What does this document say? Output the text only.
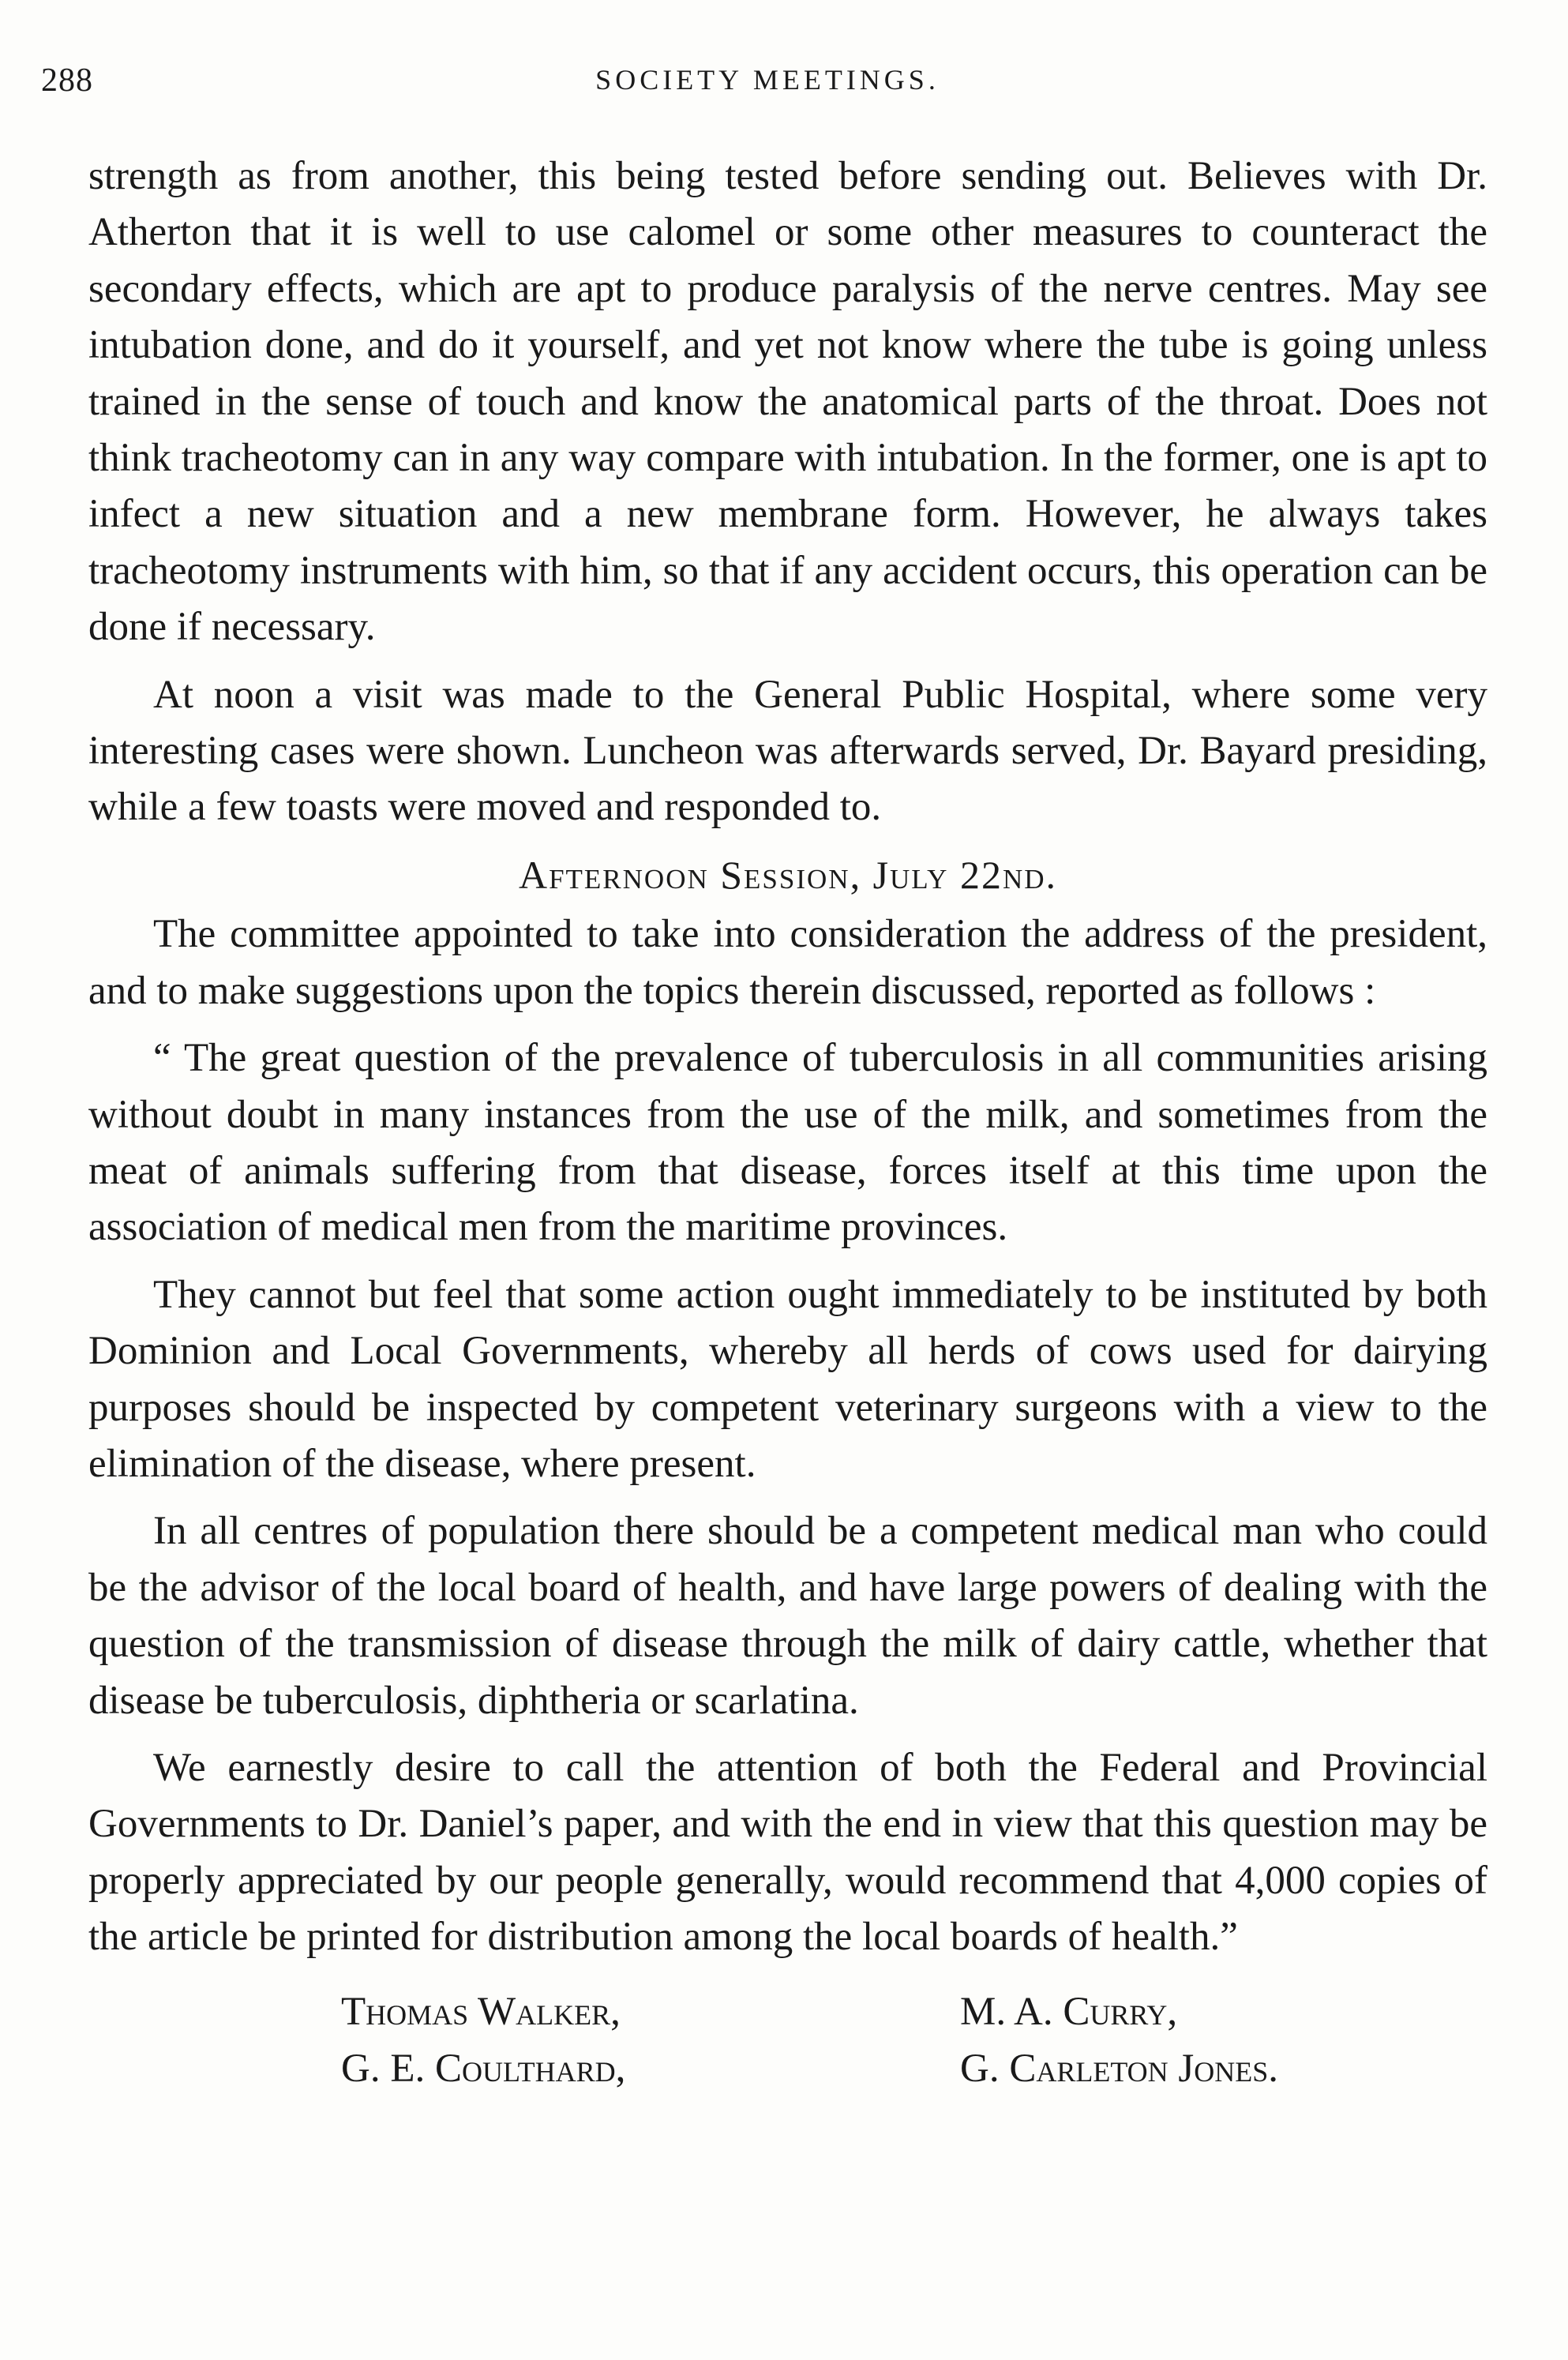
288	SOCIETY MEETINGS.

strength as from another, this being tested before sending out. Believes with Dr. Atherton that it is well to use calomel or some other measures to counteract the secondary effects, which are apt to produce paralysis of the nerve centres. May see intubation done, and do it yourself, and yet not know where the tube is going unless trained in the sense of touch and know the anatomical parts of the throat. Does not think tracheotomy can in any way compare with intubation. In the former, one is apt to infect a new situation and a new membrane form. However, he always takes tracheotomy instruments with him, so that if any accident occurs, this operation can be done if necessary.

At noon a visit was made to the General Public Hospital, where some very interesting cases were shown. Luncheon was afterwards served, Dr. Bayard presiding, while a few toasts were moved and responded to.

Afternoon Session, July 22nd.

The committee appointed to take into consideration the address of the president, and to make suggestions upon the topics therein discussed, reported as follows :

“ The great question of the prevalence of tuberculosis in all communities arising without doubt in many instances from the use of the milk, and sometimes from the meat of animals suffering from that disease, forces itself at this time upon the association of medical men from the maritime provinces.

They cannot but feel that some action ought immediately to be instituted by both Dominion and Local Governments, whereby all herds of cows used for dairying purposes should be inspected by competent veterinary surgeons with a view to the elimination of the disease, where present.

In all centres of population there should be a competent medical man who could be the advisor of the local board of health, and have large powers of dealing with the question of the transmission of disease through the milk of dairy cattle, whether that disease be tuberculosis, diphtheria or scarlatina.

We earnestly desire to call the attention of both the Federal and Provincial Governments to Dr. Daniel’s paper, and with the end in view that this question may be properly appreciated by our people generally, would recommend that 4,000 copies of the article be printed for distribution among the local boards of health.”

Thomas Walker,
G. E. Coulthard,
M. A. Curry,
G. Carleton Jones.
